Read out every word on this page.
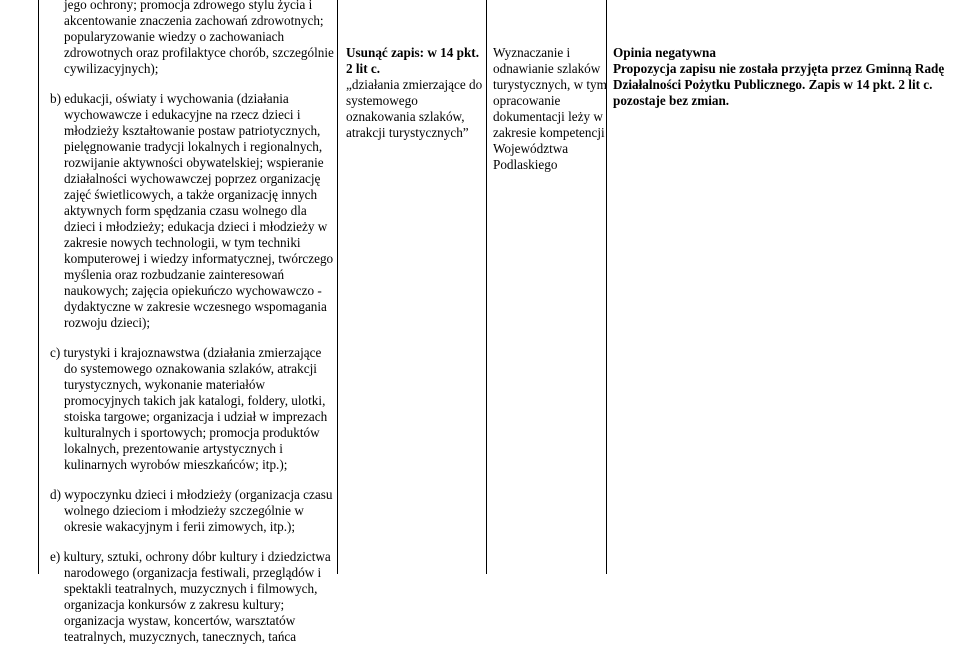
jego ochrony; promocja zdrowego stylu życia i akcentowanie znaczenia zachowań zdrowotnych; popularyzowanie wiedzy o zachowaniach zdrowotnych oraz profilaktyce chorób, szczególnie cywilizacyjnych);

b) edukacji, oświaty i wychowania (działania wychowawcze i edukacyjne na rzecz dzieci i młodzieży kształtowanie postaw patriotycznych, pielęgnowanie tradycji lokalnych i regionalnych, rozwijanie aktywności obywatelskiej; wspieranie działalności wychowawczej poprzez organizację zajęć świetlicowych, a także organizację innych aktywnych form spędzania czasu wolnego dla dzieci i młodzieży; edukacja dzieci i młodzieży w zakresie nowych technologii, w tym techniki komputerowej i wiedzy informatycznej, twórczego myślenia oraz rozbudzanie zainteresowań naukowych; zajęcia opiekuńczo wychowawczo - dydaktyczne w zakresie wczesnego wspomagania rozwoju dzieci);

c) turystyki i krajoznawstwa (działania zmierzające do systemowego oznakowania szlaków, atrakcji turystycznych, wykonanie materiałów promocyjnych takich jak katalogi, foldery, ulotki, stoiska targowe; organizacja i udział w imprezach kulturalnych i sportowych; promocja produktów lokalnych, prezentowanie artystycznych i kulinarnych wyrobów mieszkańców; itp.);

d) wypoczynku dzieci i młodzieży (organizacja czasu wolnego dzieciom i młodzieży szczególnie w okresie wakacyjnym i ferii zimowych, itp.);

e) kultury, sztuki, ochrony dóbr kultury i dziedzictwa narodowego (organizacja festiwali, przeglądów i spektakli teatralnych, muzycznych i filmowych, organizacja konkursów z zakresu kultury; organizacja wystaw, koncertów, warsztatów teatralnych, muzycznych, tanecznych, tańca

Usunąć zapis: w 14 pkt. 2 lit c.
„działania zmierzające do systemowego oznakowania szlaków, atrakcji turystycznych”
Wyznaczanie i odnawianie szlaków turystycznych, w tym opracowanie dokumentacji leży w zakresie kompetencji Województwa Podlaskiego
Opinia negatywna
Propozycja zapisu nie została przyjęta przez Gminną Radę Działalności Pożytku Publicznego. Zapis w 14 pkt. 2 lit c. pozostaje bez zmian.
